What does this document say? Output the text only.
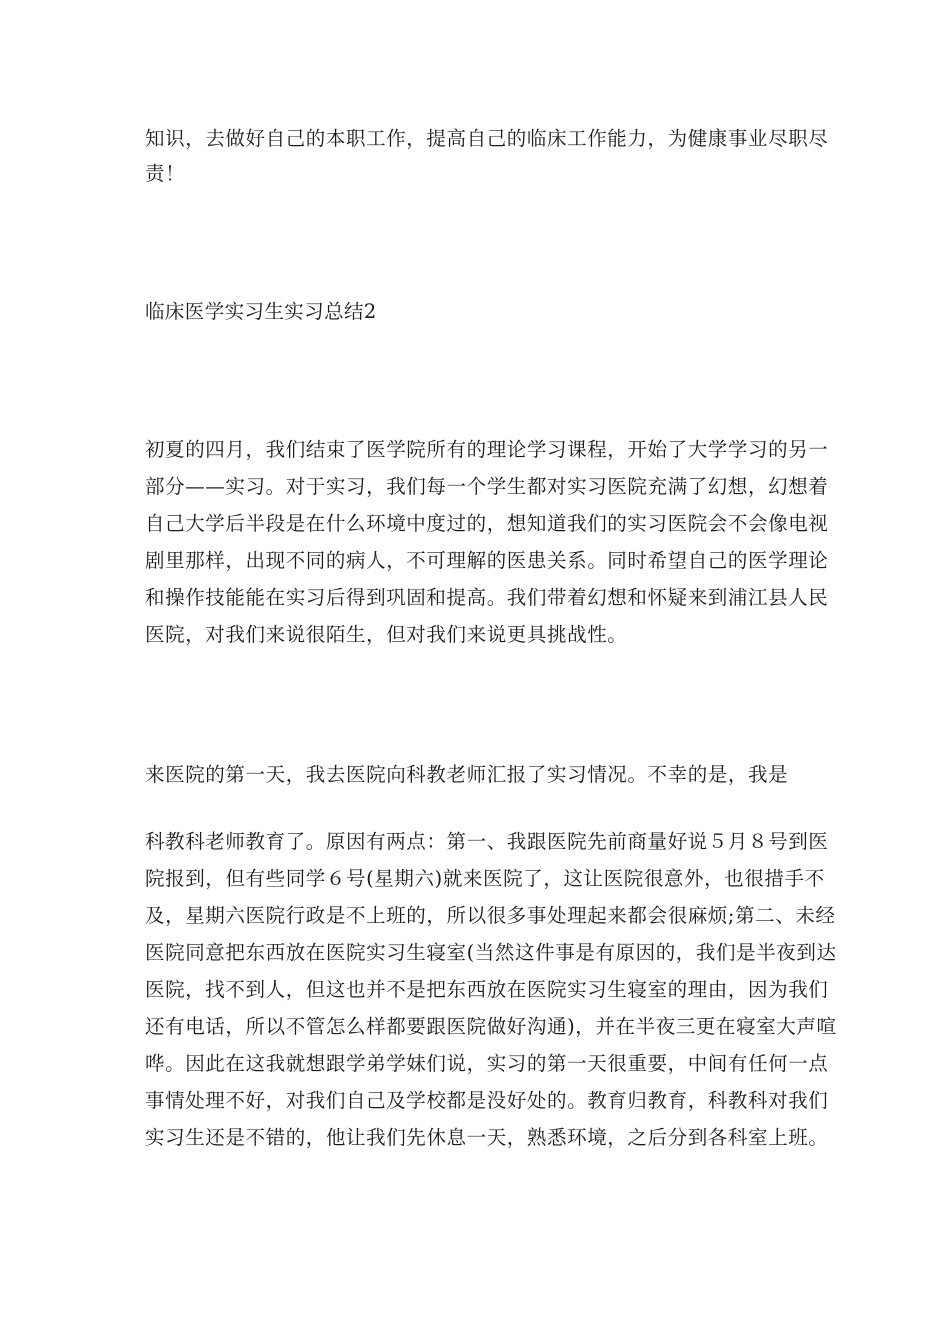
知识，去做好自己的本职工作，提高自己的临床工作能力，为健康事业尽职尽
责！
临床医学实习生实习总结2
初夏的四月，我们结束了医学院所有的理论学习课程，开始了大学学习的另一
部分——实习。对于实习，我们每一个学生都对实习医院充满了幻想，幻想着
自己大学后半段是在什么环境中度过的，想知道我们的实习医院会不会像电视
剧里那样，出现不同的病人，不可理解的医患关系。同时希望自己的医学理论
和操作技能能在实习后得到巩固和提高。我们带着幻想和怀疑来到浦江县人民
医院，对我们来说很陌生，但对我们来说更具挑战性。
来医院的第一天，我去医院向科教老师汇报了实习情况。不幸的是，我是
科教科老师教育了。原因有两点：第一、我跟医院先前商量好说５月８号到医
院报到，但有些同学６号(星期六)就来医院了，这让医院很意外，也很措手不
及，星期六医院行政是不上班的，所以很多事处理起来都会很麻烦;第二、未经
医院同意把东西放在医院实习生寝室(当然这件事是有原因的，我们是半夜到达
医院，找不到人，但这也并不是把东西放在医院实习生寝室的理由，因为我们
还有电话，所以不管怎么样都要跟医院做好沟通)，并在半夜三更在寝室大声喧
哗。因此在这我就想跟学弟学妹们说，实习的第一天很重要，中间有任何一点
事情处理不好，对我们自己及学校都是没好处的。教育归教育，科教科对我们
实习生还是不错的，他让我们先休息一天，熟悉环境，之后分到各科室上班。
